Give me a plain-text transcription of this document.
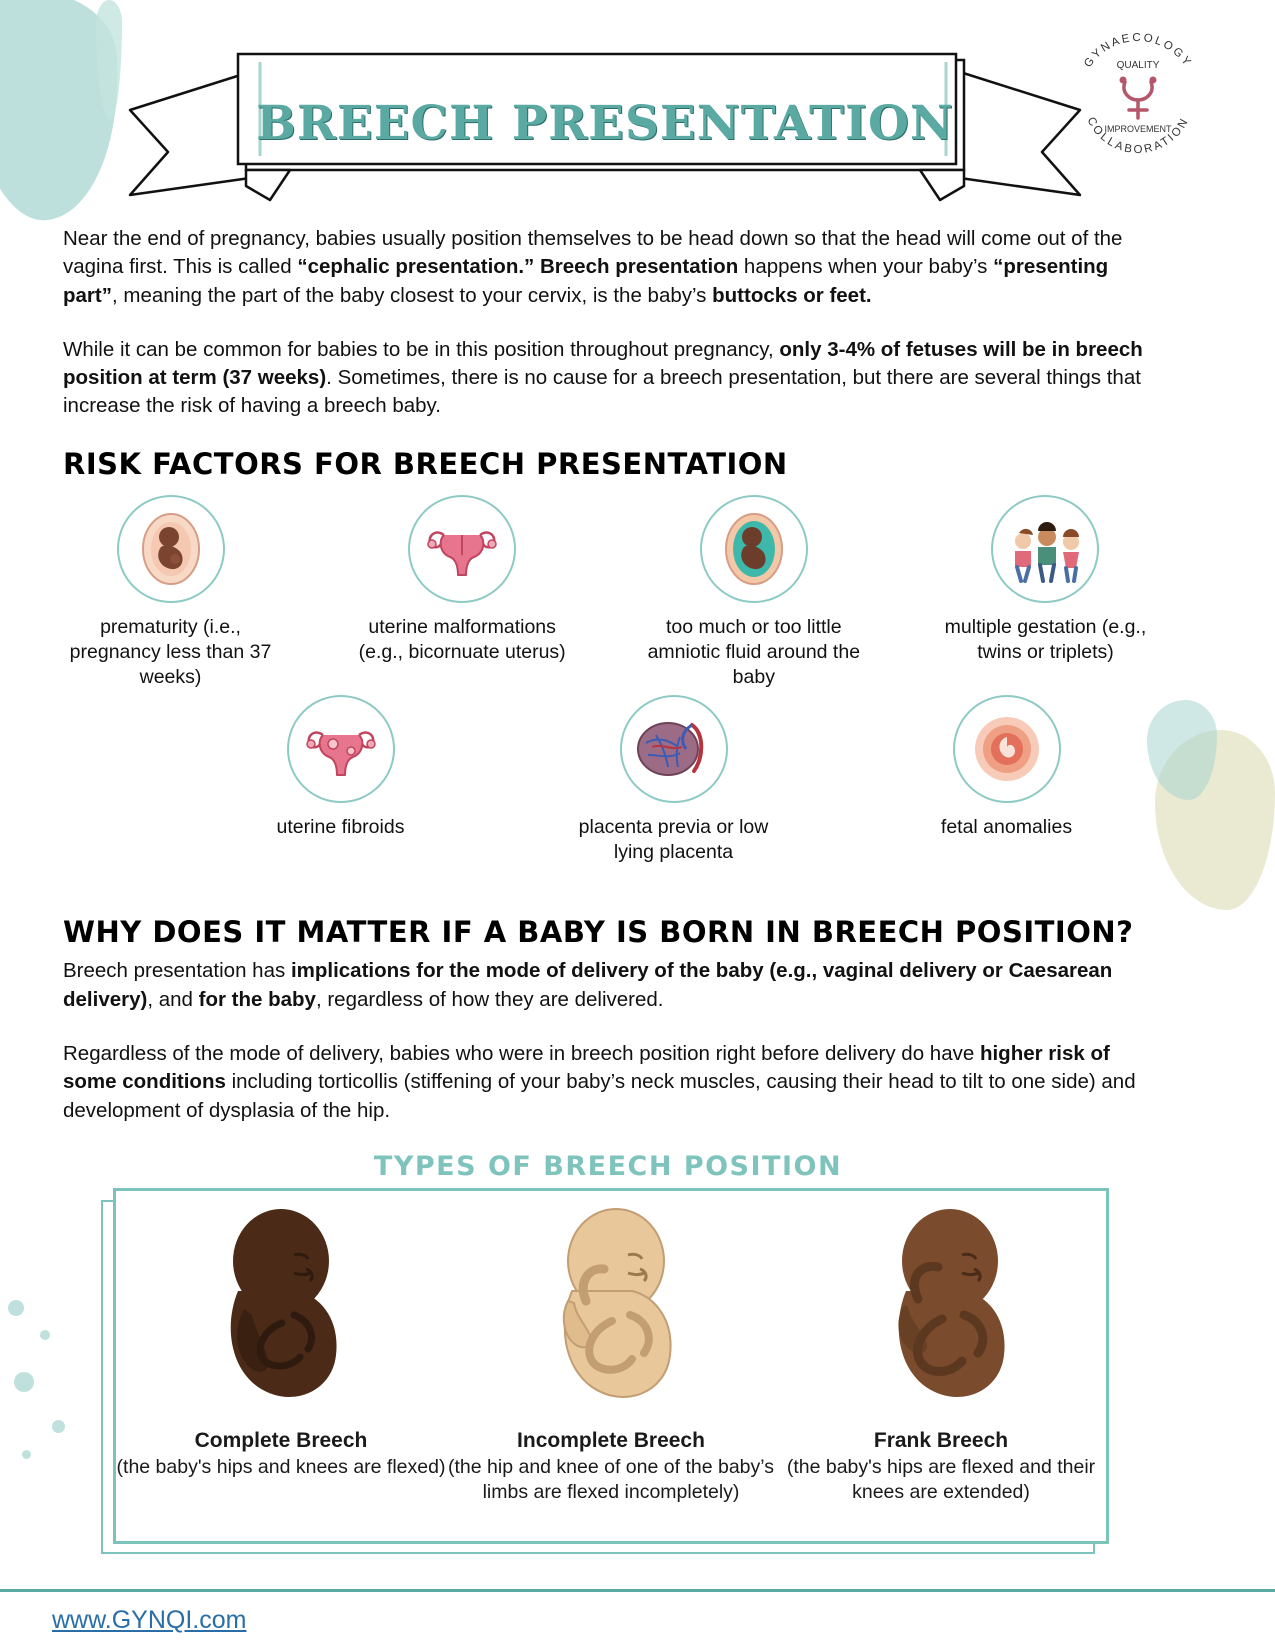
BREECH PRESENTATION
GYNAECOLOGY
COLLABORATION
QUALITY
IMPROVEMENT

Near the end of pregnancy, babies usually position themselves to be head down so that the head will come out of the vagina first. This is called “cephalic presentation.” Breech presentation happens when your baby’s “presenting part”, meaning the part of the baby closest to your cervix, is the baby’s buttocks or feet.

While it can be common for babies to be in this position throughout pregnancy, only 3-4% of fetuses will be in breech position at term (37 weeks). Sometimes, there is no cause for a breech presentation, but there are several things that increase the risk of having a breech baby.

RISK FACTORS FOR BREECH PRESENTATION
prematurity (i.e., pregnancy less than 37 weeks)
uterine malformations (e.g., bicornuate uterus)
too much or too little amniotic fluid around the baby
multiple gestation (e.g., twins or triplets)
uterine fibroids	placenta previa or low lying placenta
fetal anomalies
WHY DOES IT MATTER IF A BABY IS BORN IN BREECH POSITION?

Breech presentation has implications for the mode of delivery of the baby (e.g., vaginal delivery or Caesarean delivery), and for the baby, regardless of how they are delivered.

Regardless of the mode of delivery, babies who were in breech position right before delivery do have higher risk of some conditions including torticollis (stiffening of your baby’s neck muscles, causing their head to tilt to one side) and development of dysplasia of the hip.

TYPES OF BREECH POSITION
Complete Breech
(the baby's hips and knees are flexed)
Incomplete Breech
(the hip and knee of one of the baby’s limbs are flexed incompletely)
Frank Breech
(the baby's hips are flexed and their knees are extended)
www.GYNQI.com
